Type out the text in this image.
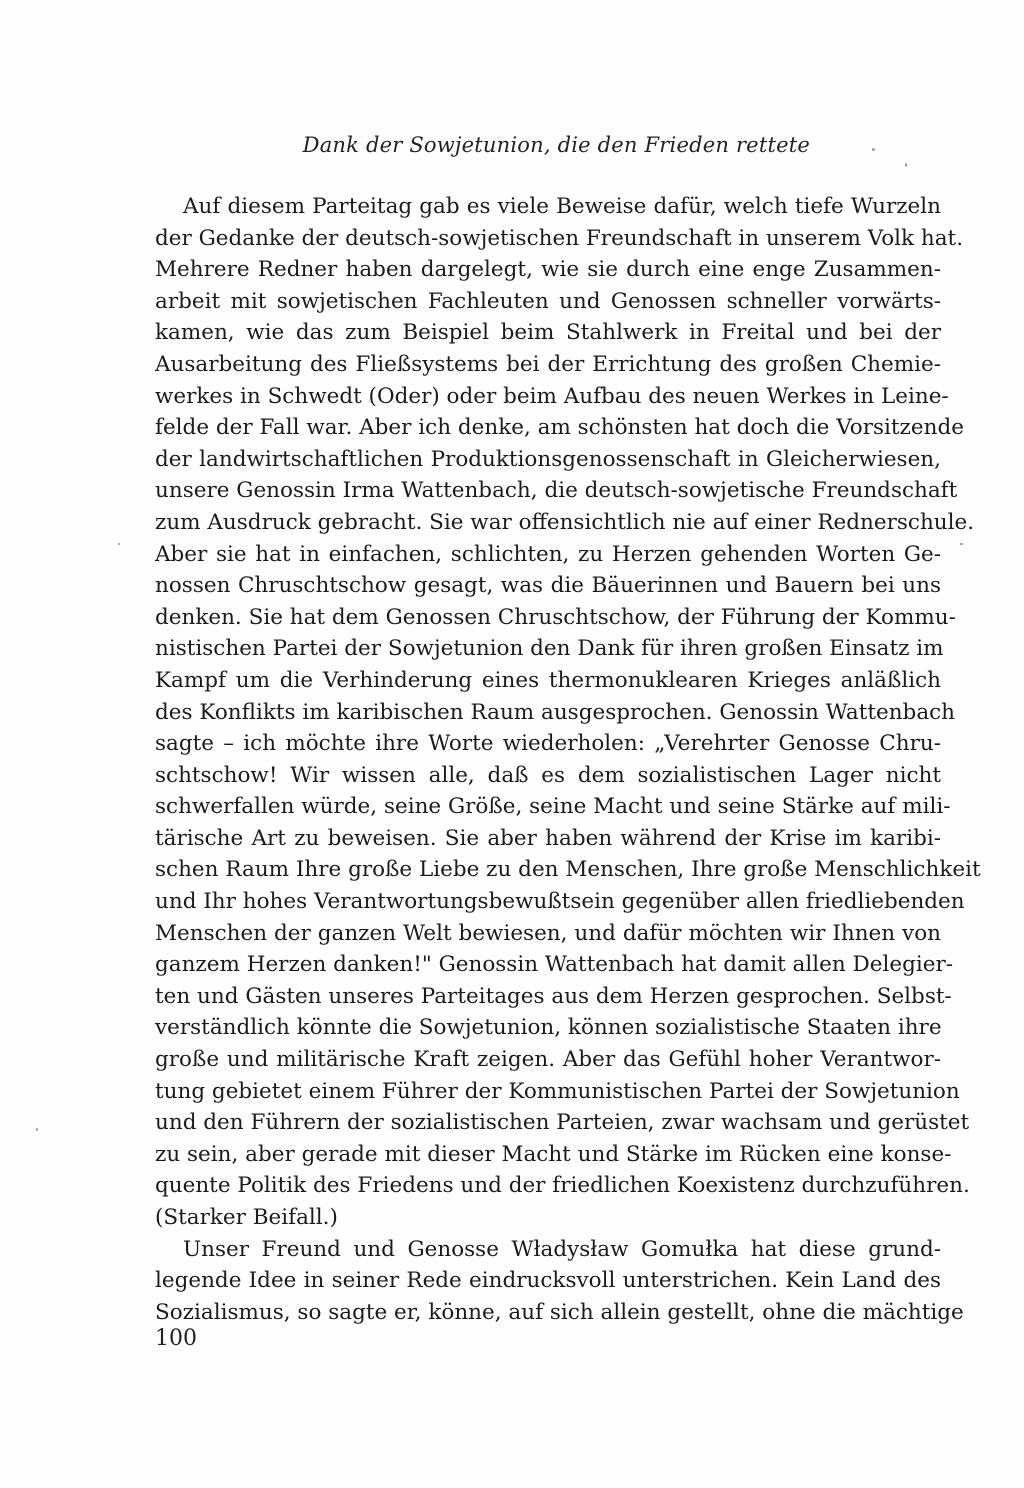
Dank der Sowjetunion, die den Frieden rettete
Auf diesem Parteitag gab es viele Beweise dafür, welch tiefe Wurzeln
der Gedanke der deutsch-sowjetischen Freundschaft in unserem Volk hat.
Mehrere Redner haben dargelegt, wie sie durch eine enge Zusammen-
arbeit mit sowjetischen Fachleuten und Genossen schneller vorwärts-
kamen, wie das zum Beispiel beim Stahlwerk in Freital und bei der
Ausarbeitung des Fließsystems bei der Errichtung des großen Chemie-
werkes in Schwedt (Oder) oder beim Aufbau des neuen Werkes in Leine-
felde der Fall war. Aber ich denke, am schönsten hat doch die Vorsitzende
der landwirtschaftlichen Produktionsgenossenschaft in Gleicherwiesen,
unsere Genossin Irma Wattenbach, die deutsch-sowjetische Freundschaft
zum Ausdruck gebracht. Sie war offensichtlich nie auf einer Rednerschule.
Aber sie hat in einfachen, schlichten, zu Herzen gehenden Worten Ge-
nossen Chruschtschow gesagt, was die Bäuerinnen und Bauern bei uns
denken. Sie hat dem Genossen Chruschtschow, der Führung der Kommu-
nistischen Partei der Sowjetunion den Dank für ihren großen Einsatz im
Kampf um die Verhinderung eines thermonuklearen Krieges anläßlich
des Konflikts im karibischen Raum ausgesprochen. Genossin Wattenbach
sagte – ich möchte ihre Worte wiederholen: „Verehrter Genosse Chru-
schtschow! Wir wissen alle, daß es dem sozialistischen Lager nicht
schwerfallen würde, seine Größe, seine Macht und seine Stärke auf mili-
tärische Art zu beweisen. Sie aber haben während der Krise im karibi-
schen Raum Ihre große Liebe zu den Menschen, Ihre große Menschlichkeit
und Ihr hohes Verantwortungsbewußtsein gegenüber allen friedliebenden
Menschen der ganzen Welt bewiesen, und dafür möchten wir Ihnen von
ganzem Herzen danken!" Genossin Wattenbach hat damit allen Delegier-
ten und Gästen unseres Parteitages aus dem Herzen gesprochen. Selbst-
verständlich könnte die Sowjetunion, können sozialistische Staaten ihre
große und militärische Kraft zeigen. Aber das Gefühl hoher Verantwor-
tung gebietet einem Führer der Kommunistischen Partei der Sowjetunion
und den Führern der sozialistischen Parteien, zwar wachsam und gerüstet
zu sein, aber gerade mit dieser Macht und Stärke im Rücken eine konse-
quente Politik des Friedens und der friedlichen Koexistenz durchzuführen.
(Starker Beifall.)
Unser Freund und Genosse Władysław Gomułka hat diese grund-
legende Idee in seiner Rede eindrucksvoll unterstrichen. Kein Land des
Sozialismus, so sagte er, könne, auf sich allein gestellt, ohne die mächtige
100
